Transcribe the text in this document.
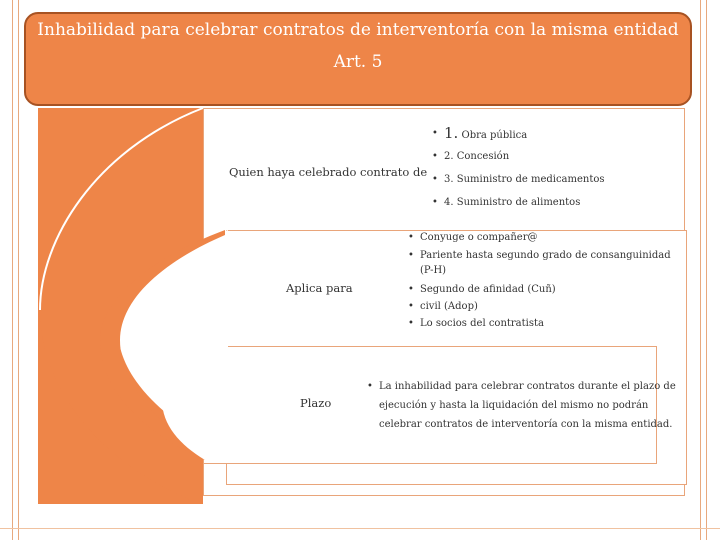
Inhabilidad para celebrar contratos de interventoría con la misma entidad
Art. 5
Quien haya celebrado contrato de
Aplica para
Plazo
• 1. Obra pública
• 2. Concesión
• 3. Suministro de medicamentos
• 4. Suministro de alimentos
• Conyuge o compañer@
• Pariente hasta segundo grado de consanguinidad (P-H)
• Segundo de afinidad (Cuñ)
• civil (Adop)
• Lo socios del contratista
• La inhabilidad para celebrar contratos durante el plazo de ejecución y hasta la liquidación del mismo no podrán celebrar contratos de interventoría con la misma entidad.
